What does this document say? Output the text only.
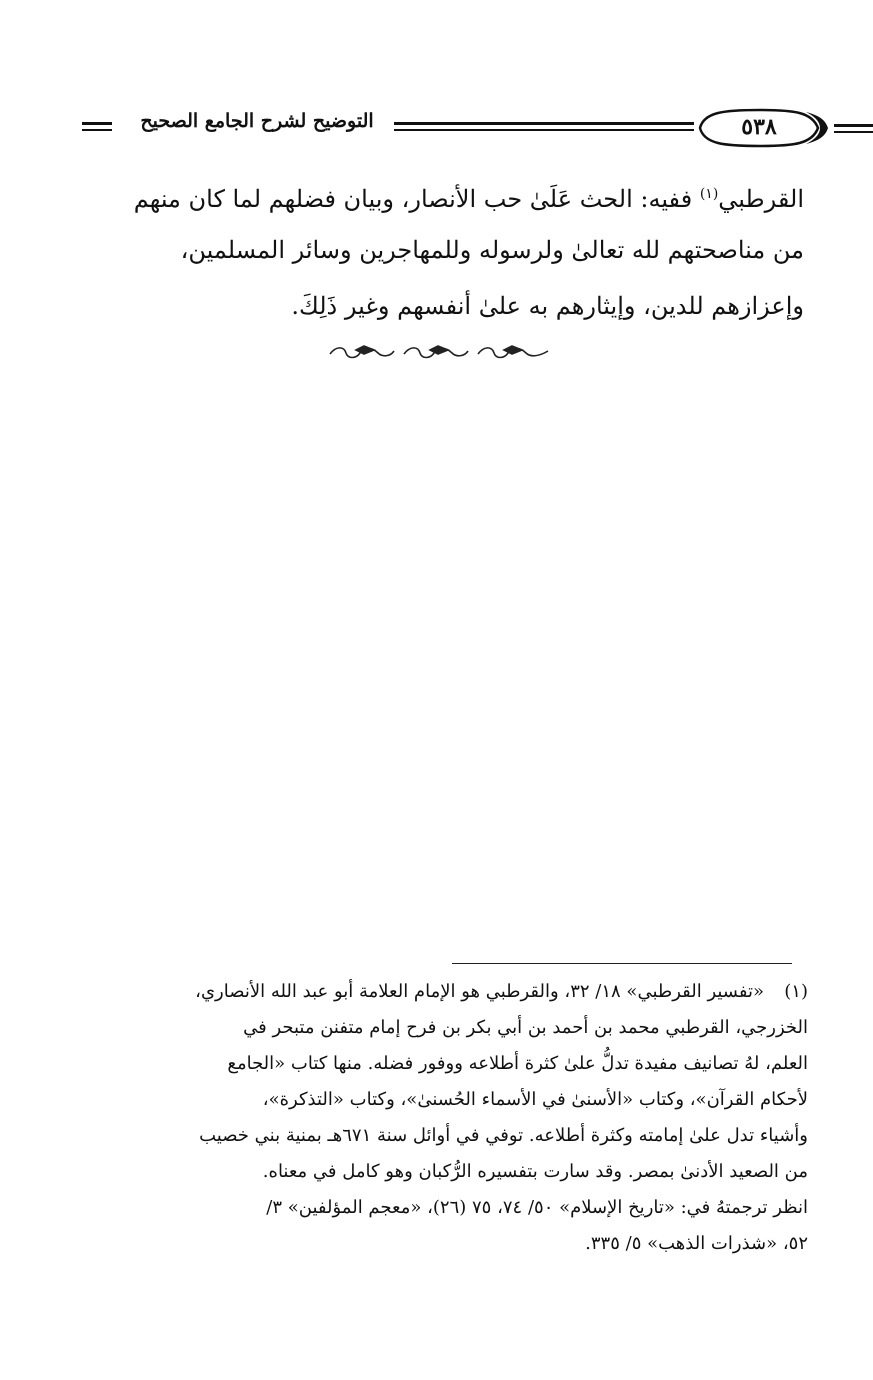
التوضيح لشرح الجامع الصحيح	٥٣٨
القرطبي$^{(١)}$ ففيه: الحث عَلَىٰ حب الأنصار، وبيان فضلهم لما كان منهم
من مناصحتهم لله تعالىٰ ولرسوله وللمهاجرين وسائر المسلمين،
وإعزازهم للدين، وإيثارهم به علىٰ أنفسهم وغير ذَلِكَ.
(١)«تفسير القرطبي» ١٨/ ٣٢، والقرطبي هو الإمام العلامة أبو عبد الله الأنصاري،
الخزرجي، القرطبي محمد بن أحمد بن أبي بكر بن فرح إمام متفنن متبحر في
العلم، لهُ تصانيف مفيدة تدلُّ علىٰ كثرة أطلاعه ووفور فضله. منها كتاب «الجامع
لأحكام القرآن»، وكتاب «الأسنىٰ في الأسماء الحُسنىٰ»، وكتاب «التذكرة»،
وأشياء تدل علىٰ إمامته وكثرة أطلاعه. توفي في أوائل سنة ٦٧١هـ بمنية بني خصيب
من الصعيد الأدنىٰ بمصر. وقد سارت بتفسيره الرُّكبان وهو كامل في معناه.
انظر ترجمتهُ في: «تاريخ الإسلام» ٥٠/ ٧٤، ٧٥ (٢٦)، «معجم المؤلفين» ٣/
٥٢، «شذرات الذهب» ٥/ ٣٣٥.
